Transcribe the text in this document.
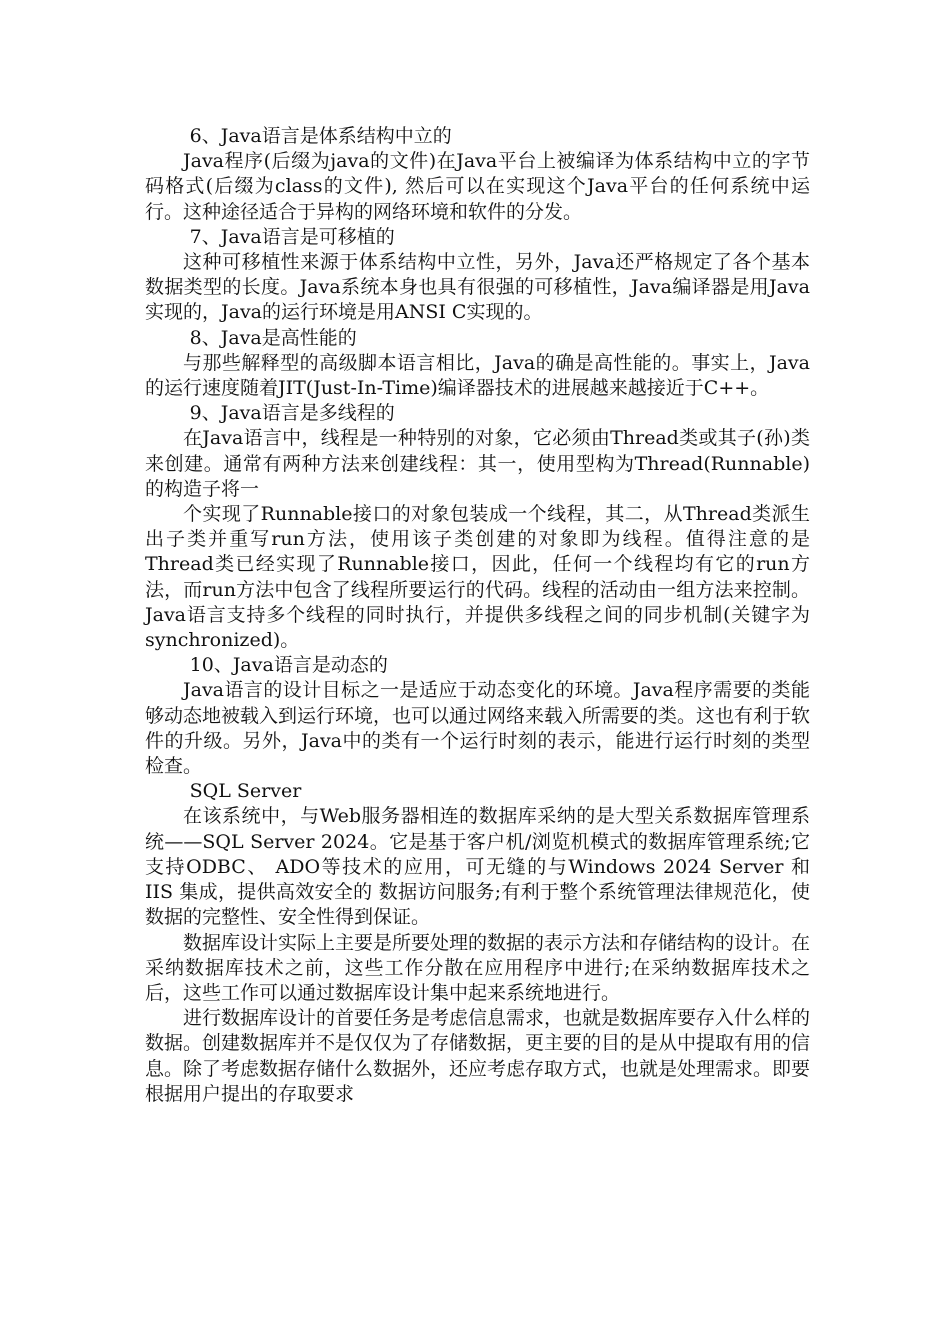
6、Java语言是体系结构中立的

Java程序(后缀为java的文件)在Java平台上被编译为体系结构中立的字节码格式(后缀为class的文件), 然后可以在实现这个Java平台的任何系统中运行。这种途径适合于异构的网络环境和软件的分发。

7、Java语言是可移植的

这种可移植性来源于体系结构中立性，另外，Java还严格规定了各个基本数据类型的长度。Java系统本身也具有很强的可移植性，Java编译器是用Java实现的，Java的运行环境是用ANSI C实现的。

8、Java是高性能的

与那些解释型的高级脚本语言相比，Java的确是高性能的。事实上，Java的运行速度随着JIT(Just-In-Time)编译器技术的进展越来越接近于C++。

9、Java语言是多线程的

在Java语言中，线程是一种特别的对象，它必须由Thread类或其子(孙)类来创建。通常有两种方法来创建线程：其一，使用型构为Thread(Runnable) 的构造子将一

个实现了Runnable接口的对象包装成一个线程，其二，从Thread类派生出子类并重写run方法，使用该子类创建的对象即为线程。值得注意的是Thread类已经实现了Runnable接口，因此，任何一个线程均有它的run方法，而run方法中包含了线程所要运行的代码。线程的活动由一组方法来控制。 Java语言支持多个线程的同时执行，并提供多线程之间的同步机制(关键字为synchronized)。

10、Java语言是动态的

Java语言的设计目标之一是适应于动态变化的环境。Java程序需要的类能够动态地被载入到运行环境，也可以通过网络来载入所需要的类。这也有利于软件的升级。另外，Java中的类有一个运行时刻的表示，能进行运行时刻的类型检查。

SQL Server

在该系统中，与Web服务器相连的数据库采纳的是大型关系数据库管理系统——SQL Server 2024。它是基于客户机/浏览机模式的数据库管理系统;它支持ODBC、 ADO等技术的应用，可无缝的与Windows 2024 Server 和 IIS 集成，提供高效安全的 数据访问服务;有利于整个系统管理法律规范化，使数据的完整性、安全性得到保证。

数据库设计实际上主要是所要处理的数据的表示方法和存储结构的设计。在采纳数据库技术之前，这些工作分散在应用程序中进行;在采纳数据库技术之后，这些工作可以通过数据库设计集中起来系统地进行。

进行数据库设计的首要任务是考虑信息需求，也就是数据库要存入什么样的数据。创建数据库并不是仅仅为了存储数据，更主要的目的是从中提取有用的信息。除了考虑数据存储什么数据外，还应考虑存取方式，也就是处理需求。即要根据用户提出的存取要求
